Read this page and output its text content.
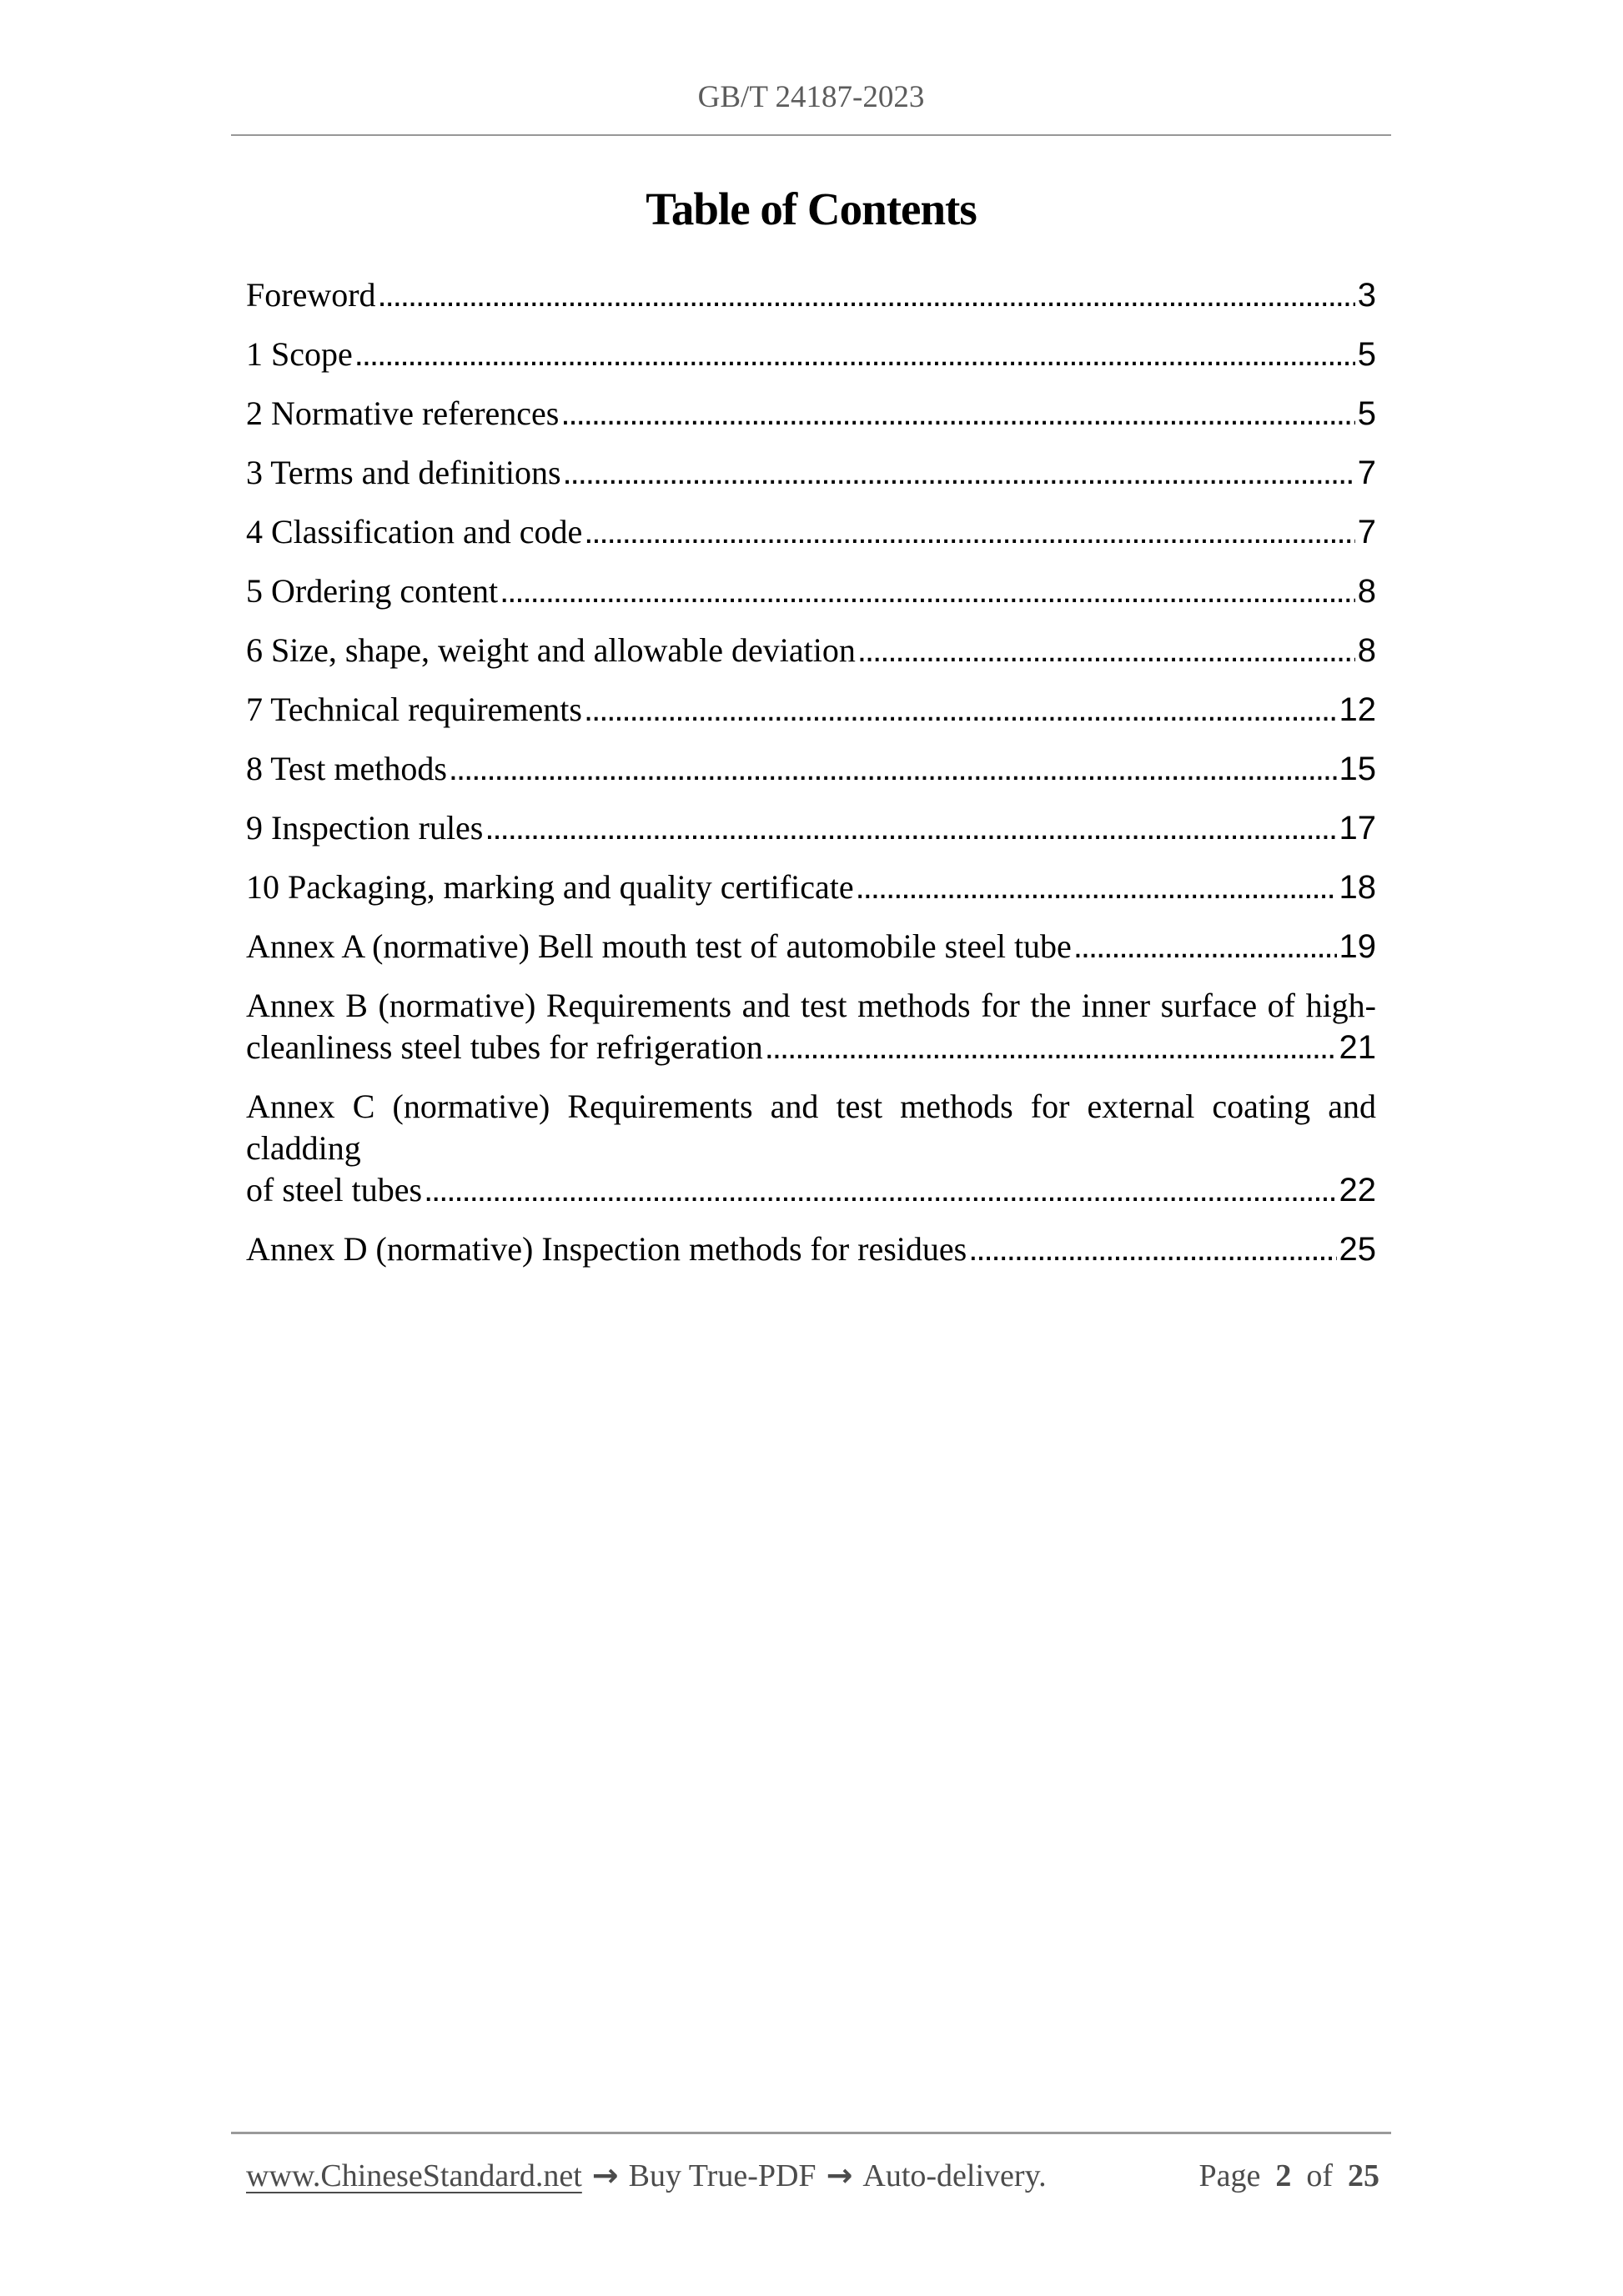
GB/T 24187-2023
Table of Contents
Foreword .....	3
1 Scope .....	5
2 Normative references .....	5
3 Terms and definitions .....	7
4 Classification and code .....	7
5 Ordering content .....	8
6 Size, shape, weight and allowable deviation .....	8
7 Technical requirements .....	12
8 Test methods .....	15
9 Inspection rules .....	17
10 Packaging, marking and quality certificate .....	18
Annex A (normative) Bell mouth test of automobile steel tube .....	19
Annex B (normative) Requirements and test methods for the inner surface of high-
cleanliness steel tubes for refrigeration .....	21
Annex C (normative) Requirements and test methods for external coating and cladding
of steel tubes .....	22
Annex D (normative) Inspection methods for residues .....	25
www.ChineseStandard.net → Buy True-PDF → Auto-delivery.	Page 2 of 25
